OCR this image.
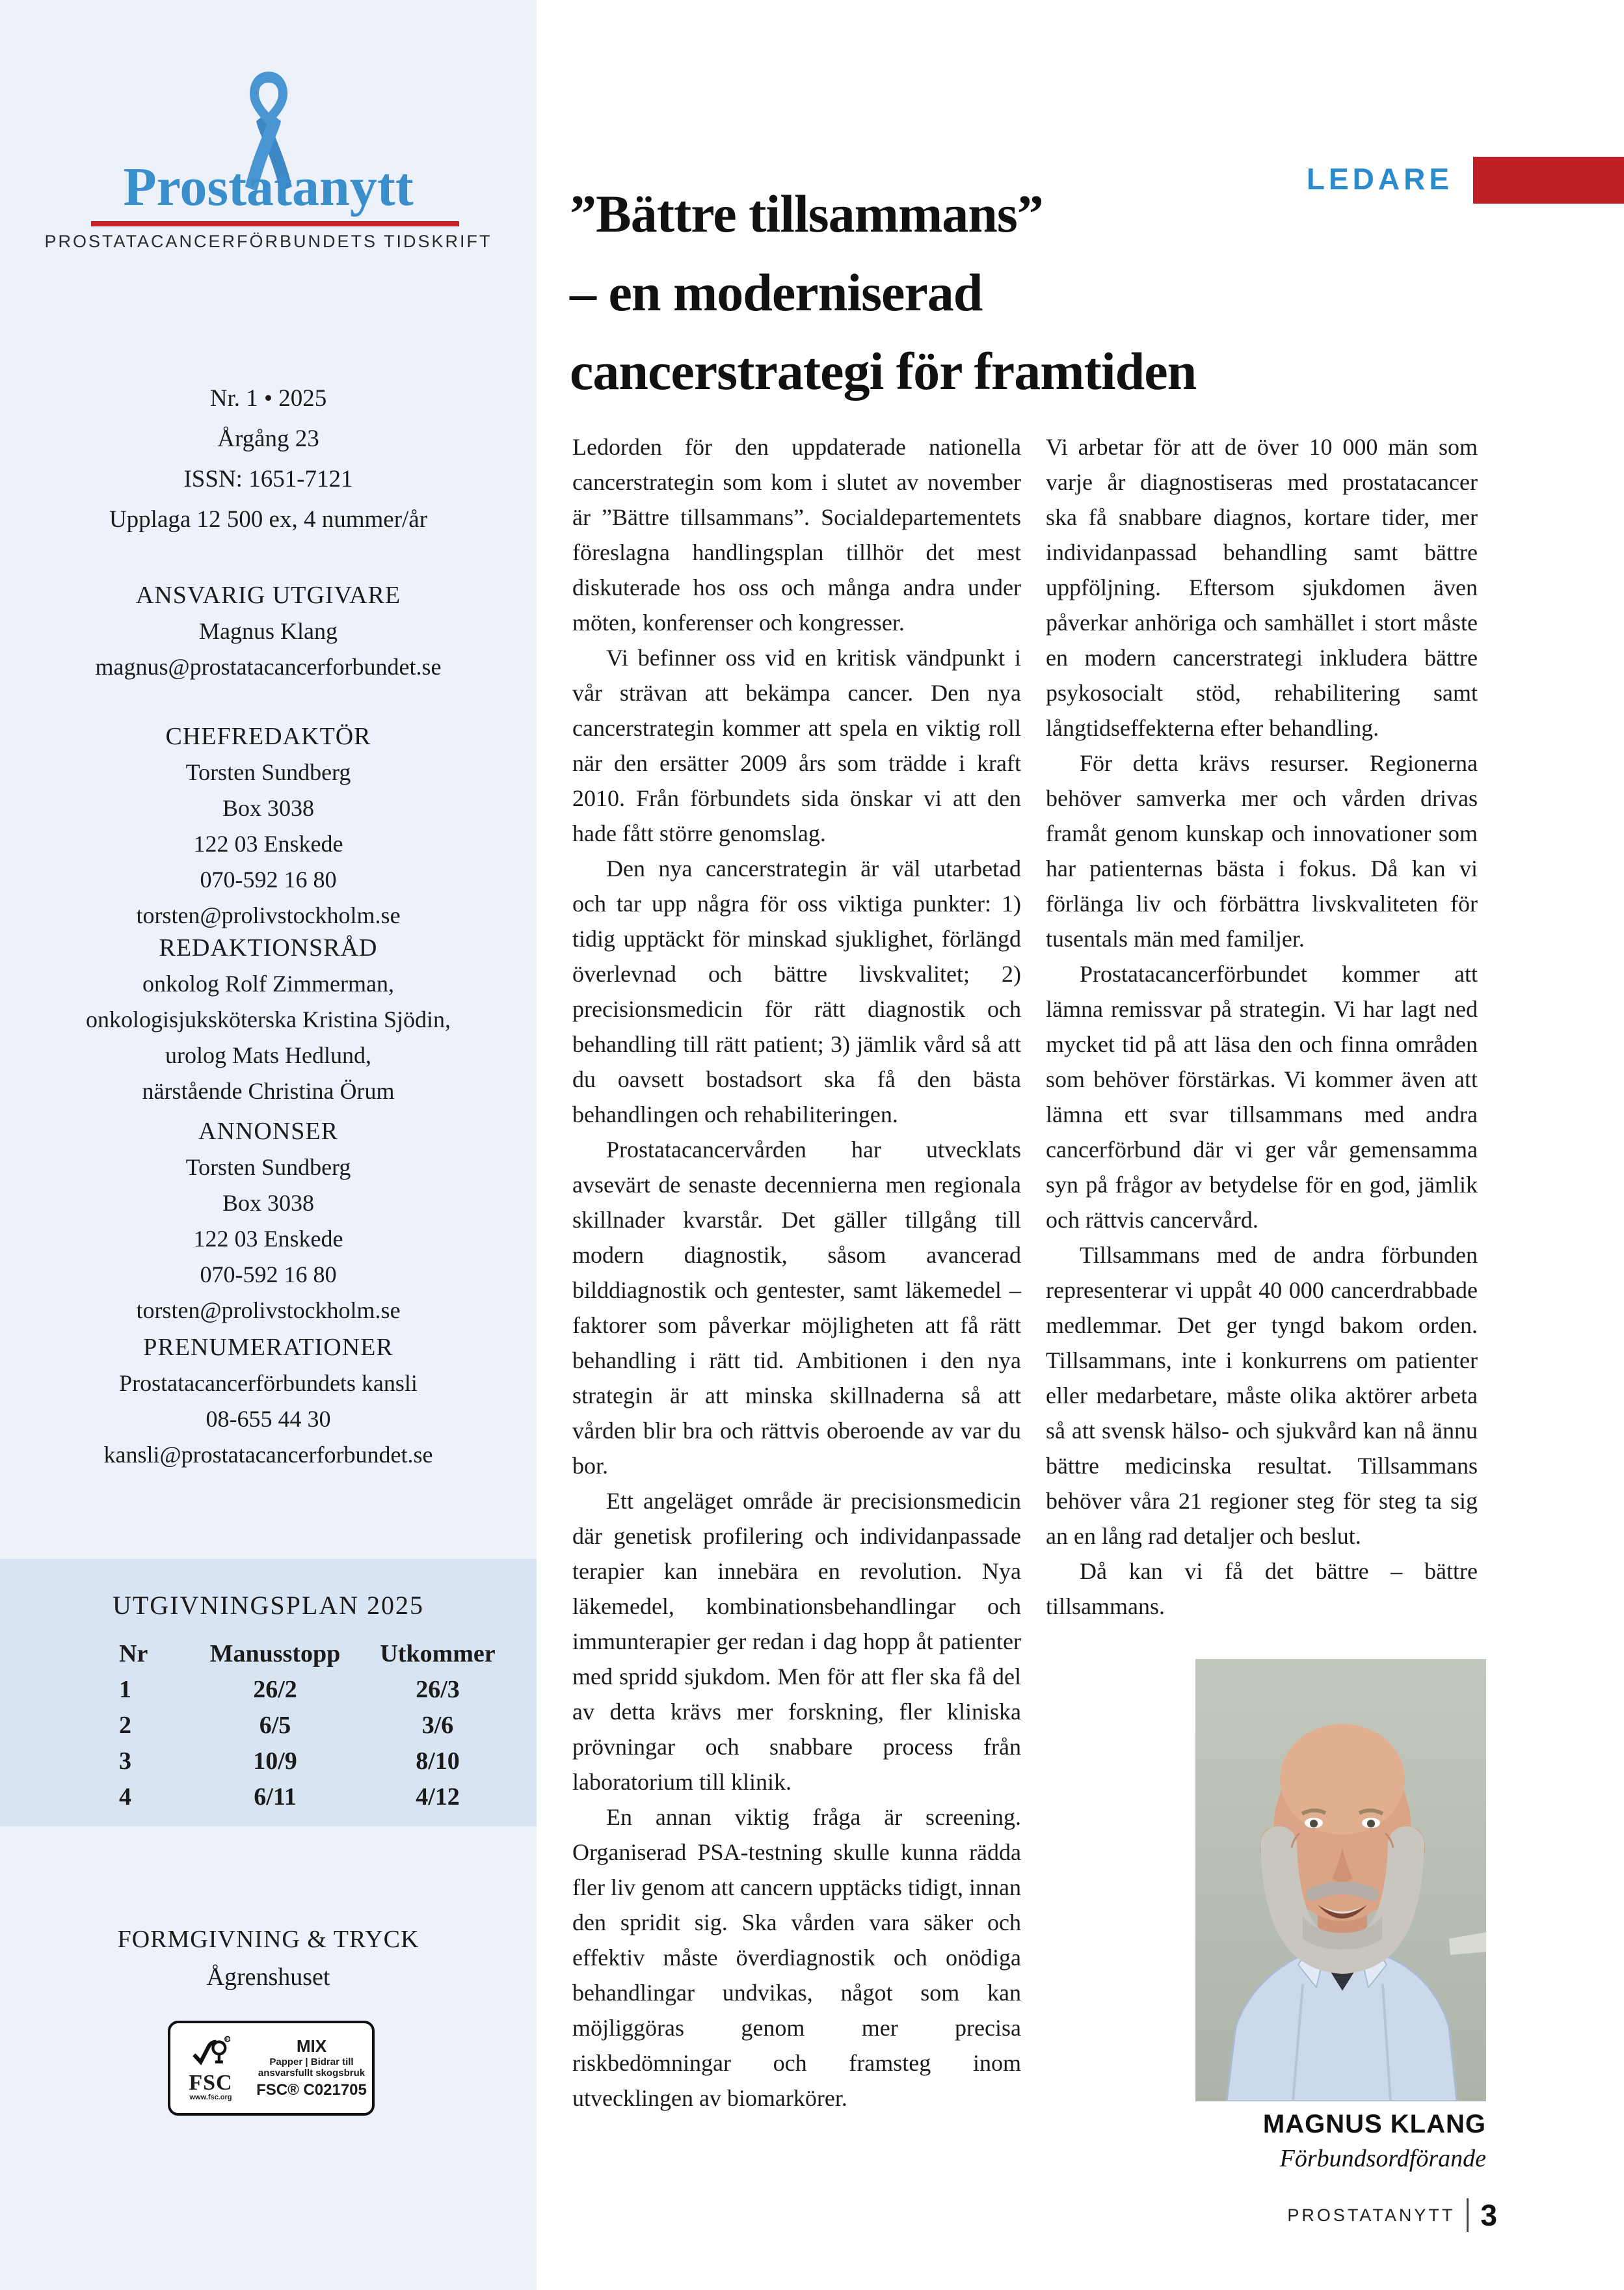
Prostatanytt
PROSTATACANCERFÖRBUNDETS TIDSKRIFT
Nr. 1 • 2025
Årgång 23
ISSN: 1651-7121
Upplaga 12 500 ex, 4 nummer/år
ANSVARIG UTGIVARE
Magnus Klang
magnus@prostatacancerforbundet.se
CHEFREDAKTÖR
Torsten Sundberg
Box 3038
122 03 Enskede
070-592 16 80
torsten@prolivstockholm.se
REDAKTIONSRÅD
onkolog Rolf Zimmerman,
onkologisjuksköterska Kristina Sjödin,
urolog Mats Hedlund,
närstående Christina Örum
ANNONSER
Torsten Sundberg
Box 3038
122 03 Enskede
070-592 16 80
torsten@prolivstockholm.se
PRENUMERATIONER
Prostatacancerförbundets kansli
08-655 44 30
kansli@prostatacancerforbundet.se
UTGIVNINGSPLAN 2025
Nr	Manusstopp	Utkommer
1	26/2	26/3
2	6/5	3/6
3	10/9	8/10
4	6/11	4/12
FORMGIVNING & TRYCK
Ågrenshuset
R
FSC
www.fsc.org
MIX
Papper | Bidrar till
ansvarsfullt skogsbruk
FSC® C021705
LEDARE
”Bättre tillsammans”
– en moderniserad
cancerstrategi för framtiden

Ledorden för den uppdaterade nationella cancerstrategin som kom i slutet av november är ”Bättre tillsammans”. Socialdepartementets föreslagna handlingsplan tillhör det mest diskuterade hos oss och många andra under möten, konferenser och kongresser.

Vi befinner oss vid en kritisk vändpunkt i vår strävan att bekämpa cancer. Den nya cancerstrategin kommer att spela en viktig roll när den ersätter 2009 års som trädde i kraft 2010. Från förbundets sida önskar vi att den hade fått större genomslag.

Den nya cancerstrategin är väl utarbetad och tar upp några för oss viktiga punkter: 1) tidig upptäckt för minskad sjuklighet, förlängd överlevnad och bättre livskvalitet; 2) precisionsmedicin för rätt diagnostik och behandling till rätt patient; 3) jämlik vård så att du oavsett bostadsort ska få den bästa behandlingen och rehabiliteringen.

Prostatacancervården har utvecklats avsevärt de senaste decennierna men regionala skillnader kvarstår. Det gäller tillgång till modern diagnostik, såsom avancerad bilddiagnostik och gentester, samt läkemedel – faktorer som påverkar möjligheten att få rätt behandling i rätt tid. Ambitionen i den nya strategin är att minska skillnaderna så att vården blir bra och rättvis oberoende av var du bor.

Ett angeläget område är precisionsmedicin där genetisk profilering och individanpassade terapier kan innebära en revolution. Nya läkemedel, kombinationsbehandlingar och immunterapier ger redan i dag hopp åt patienter med spridd sjukdom. Men för att fler ska få del av detta krävs mer forskning, fler kliniska prövningar och snabbare process från laboratorium till klinik.

En annan viktig fråga är screening. Organiserad PSA-testning skulle kunna rädda fler liv genom att cancern upptäcks tidigt, innan den spridit sig. Ska vården vara säker och effektiv måste överdiagnostik och onödiga behandlingar undvikas, något som kan möjliggöras genom mer precisa riskbedömningar och framsteg inom utvecklingen av biomarkörer.

Vi arbetar för att de över 10 000 män som varje år diagnostiseras med prostatacancer ska få snabbare diagnos, kortare tider, mer individanpassad behandling samt bättre uppföljning. Eftersom sjukdomen även påverkar anhöriga och samhället i stort måste en modern cancerstrategi inkludera bättre psykosocialt stöd, rehabilitering samt långtidseffekterna efter behandling.

För detta krävs resurser. Regionerna behöver samverka mer och vården drivas framåt genom kunskap och innovationer som har patienternas bästa i fokus. Då kan vi förlänga liv och förbättra livskvaliteten för tusentals män med familjer.

Prostatacancerförbundet kommer att lämna remissvar på strategin. Vi har lagt ned mycket tid på att läsa den och finna områden som behöver förstärkas. Vi kommer även att lämna ett svar tillsammans med andra cancerförbund där vi ger vår gemensamma syn på frågor av betydelse för en god, jämlik och rättvis cancervård.

Tillsammans med de andra förbunden representerar vi uppåt 40 000 cancerdrabbade medlemmar. Det ger tyngd bakom orden. Tillsammans, inte i konkurrens om patienter eller medarbetare, måste olika aktörer arbeta så att svensk hälso- och sjukvård kan nå ännu bättre medicinska resultat. Tillsammans behöver våra 21 regioner steg för steg ta sig an en lång rad detaljer och beslut.

Då kan vi få det bättre – bättre tillsammans.

MAGNUS KLANG
Förbundsordförande
PROSTATANYTT 3
